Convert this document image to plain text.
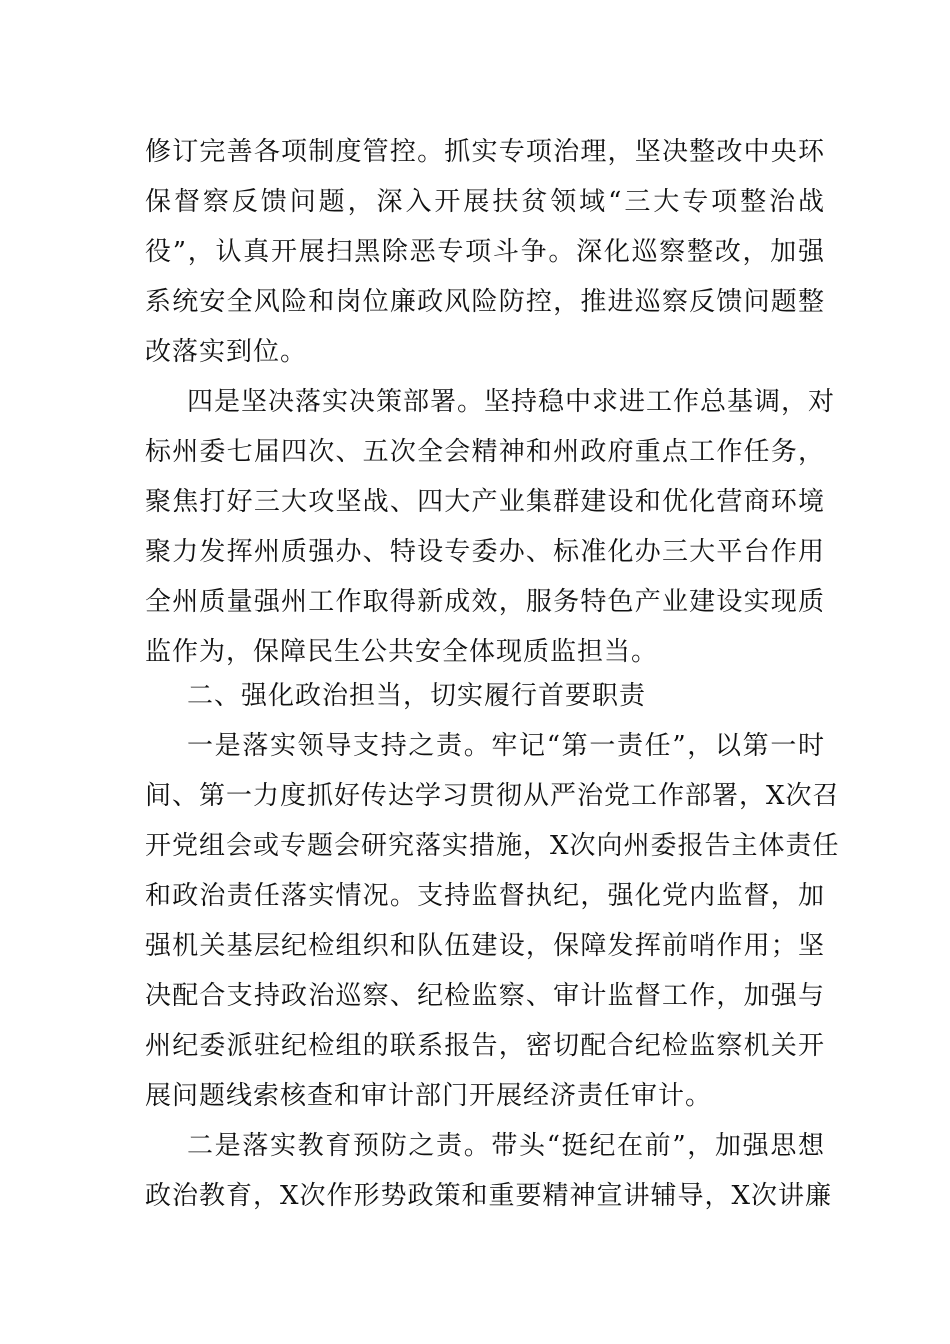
修订完善各项制度管控。抓实专项治理，坚决整改中央环
保督察反馈问题，深入开展扶贫领域“三大专项整治战
役”，认真开展扫黑除恶专项斗争。深化巡察整改，加强
系统安全风险和岗位廉政风险防控，推进巡察反馈问题整
改落实到位。
四是坚决落实决策部署。坚持稳中求进工作总基调，对
标州委七届四次、五次全会精神和州政府重点工作任务，
聚焦打好三大攻坚战、四大产业集群建设和优化营商环境
聚力发挥州质强办、特设专委办、标准化办三大平台作用
全州质量强州工作取得新成效，服务特色产业建设实现质
监作为，保障民生公共安全体现质监担当。
二、强化政治担当，切实履行首要职责
一是落实领导支持之责。牢记“第一责任”，以第一时
间、第一力度抓好传达学习贯彻从严治党工作部署，X次召
开党组会或专题会研究落实措施，X次向州委报告主体责任
和政治责任落实情况。支持监督执纪，强化党内监督，加
强机关基层纪检组织和队伍建设，保障发挥前哨作用；坚
决配合支持政治巡察、纪检监察、审计监督工作，加强与
州纪委派驻纪检组的联系报告，密切配合纪检监察机关开
展问题线索核查和审计部门开展经济责任审计。
二是落实教育预防之责。带头“挺纪在前”，加强思想
政治教育，X次作形势政策和重要精神宣讲辅导，X次讲廉
